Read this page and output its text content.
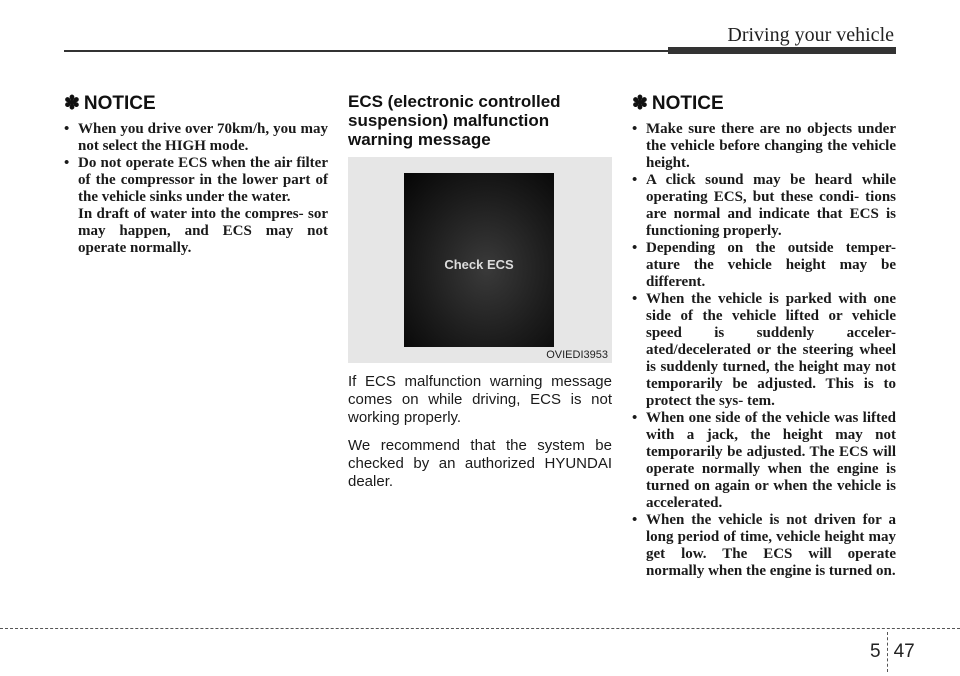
Driving your vehicle
✽ NOTICE
• When you drive over 70km/h, you may not select the HIGH mode.
• Do not operate ECS when the air filter of the compressor in the lower part of the vehicle sinks under the water.
In draft of water into the compres- sor may happen, and ECS may not operate normally.
ECS (electronic controlled suspension) malfunction warning message
Check ECS
OVIEDI3953

If ECS malfunction warning message comes on while driving, ECS is not working properly.

We recommend that the system be checked by an authorized HYUNDAI dealer.

✽ NOTICE
• Make sure there are no objects under the vehicle before changing the vehicle height.
• A click sound may be heard while operating ECS, but these condi- tions are normal and indicate that ECS is functioning properly.
• Depending on the outside temper- ature the vehicle height may be different.
• When the vehicle is parked with one side of the vehicle lifted or vehicle speed is suddenly acceler- ated/decelerated or the steering wheel is suddenly turned, the height may not temporarily be adjusted. This is to protect the sys- tem.
• When one side of the vehicle was lifted with a jack, the height may not temporarily be adjusted. The ECS will operate normally when the engine is turned on again or when the vehicle is accelerated.
• When the vehicle is not driven for a long period of time, vehicle height may get low. The ECS will operate normally when the engine is turned on.
5 47
